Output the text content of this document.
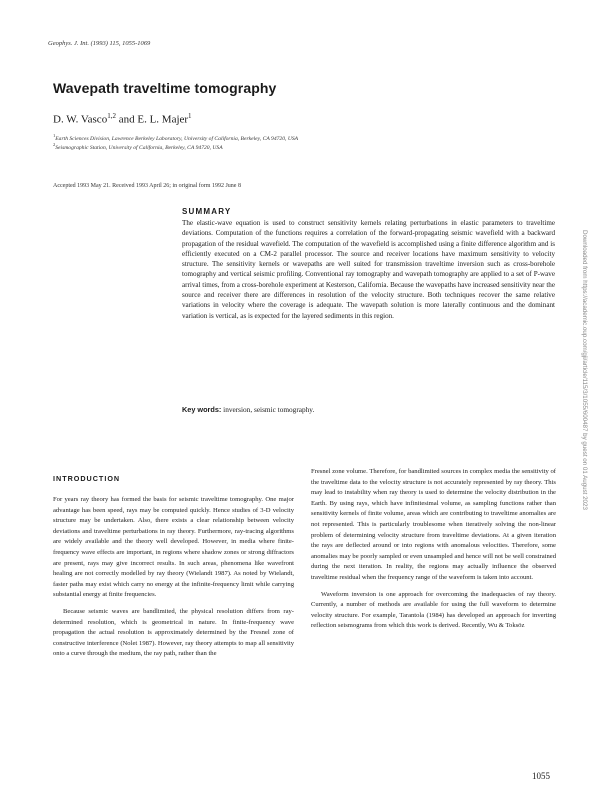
Geophys. J. Int. (1993) 115, 1055-1069
Wavepath traveltime tomography
D. W. Vasco$^{1,2}$ and E. L. Majer$^1$
$^1$Earth Sciences Division, Lawrence Berkeley Laboratory, University of California, Berkeley, CA 94720, USA
$^2$Seismographic Station, University of California, Berkeley, CA 94720, USA
Accepted 1993 May 21. Received 1993 April 26; in original form 1992 June 8
SUMMARY
The elastic-wave equation is used to construct sensitivity kernels relating perturbations in elastic parameters to traveltime deviations. Computation of the functions requires a correlation of the forward-propagating seismic wavefield with a backward propagation of the residual wavefield. The computation of the wavefield is accomplished using a finite difference algorithm and is efficiently executed on a CM-2 parallel processor. The source and receiver locations have maximum sensitivity to velocity structure. The sensitivity kernels or wavepaths are well suited for transmission traveltime inversion such as cross-borehole tomography and vertical seismic profiling. Conventional ray tomography and wavepath tomography are applied to a set of P-wave arrival times, from a cross-borehole experiment at Kesterson, California. Because the wavepaths have increased sensitivity near the source and receiver there are differences in resolution of the velocity structure. Both techniques recover the same relative variations in velocity where the coverage is adequate. The wavepath solution is more laterally continuous and the dominant variation is vertical, as is expected for the layered sediments in this region.
Key words: inversion, seismic tomography.
INTRODUCTION

For years ray theory has formed the basis for seismic traveltime tomography. One major advantage has been speed, rays may be computed quickly. Hence studies of 3-D velocity structure may be undertaken. Also, there exists a clear relationship between velocity deviations and traveltime perturbations in ray theory. Furthermore, ray-tracing algorithms are widely available and the theory well developed. However, in media where finite-frequency wave effects are important, in regions where shadow zones or strong diffractors are present, rays may give incorrect results. In such areas, phenomena like wavefront healing are not correctly modelled by ray theory (Wielandt 1987). As noted by Wielandt, faster paths may exist which carry no energy at the infinite-frequency limit while carrying substantial energy at finite frequencies.

Because seismic waves are bandlimited, the physical resolution differs from ray-determined resolution, which is geometrical in nature. In finite-frequency wave propagation the actual resolution is approximately determined by the Fresnel zone of constructive interference (Nolet 1987). However, ray theory attempts to map all sensitivity onto a curve through the medium, the ray path, rather than the

Fresnel zone volume. Therefore, for bandlimited sources in complex media the sensitivity of the traveltime data to the velocity structure is not accurately represented by ray theory. This may lead to instability when ray theory is used to determine the velocity distribution in the Earth. By using rays, which have infinitesimal volume, as sampling functions rather than sensitivity kernels of finite volume, areas which are contributing to traveltime anomalies are not represented. This is particularly troublesome when iteratively solving the non-linear problem of determining velocity structure from traveltime deviations. At a given iteration the rays are deflected around or into regions with anomalous velocities. Therefore, some anomalies may be poorly sampled or even unsampled and hence will not be well constrained during the next iteration. In reality, the regions may actually influence the observed traveltime residual when the frequency range of the waveform is taken into account.

Waveform inversion is one approach for overcoming the inadequacies of ray theory. Currently, a number of methods are available for using the full waveform to determine velocity structure. For example, Tarantola (1984) has developed an approach for inverting reflection seismograms from which this work is derived. Recently, Wu & Toksöz

1055
Downloaded from https://academic.oup.com/gji/article/115/3/1055/600487 by guest on 01 August 2023
